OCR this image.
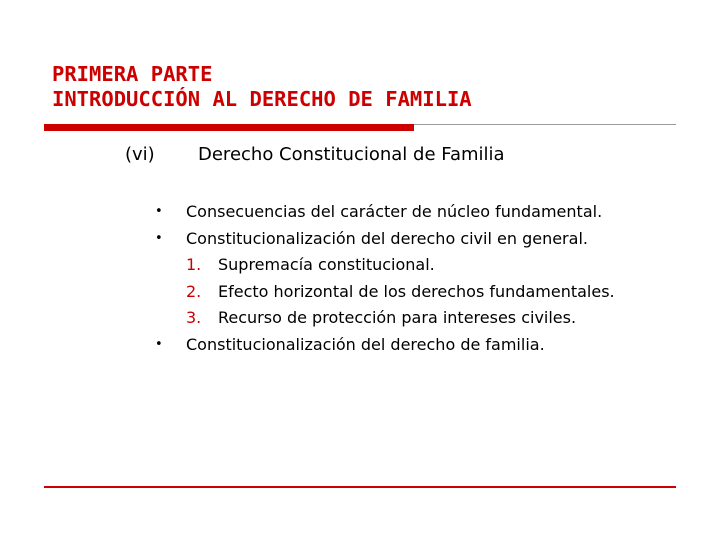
PRIMERA PARTE
INTRODUCCIÓN AL DERECHO DE FAMILIA
(vi) Derecho Constitucional de Familia
• Consecuencias del carácter de núcleo fundamental.
• Constitucionalización del derecho civil en general.
1. Supremacía constitucional.
2. Efecto horizontal de los derechos fundamentales.
3. Recurso de protección para intereses civiles.
• Constitucionalización del derecho de familia.
